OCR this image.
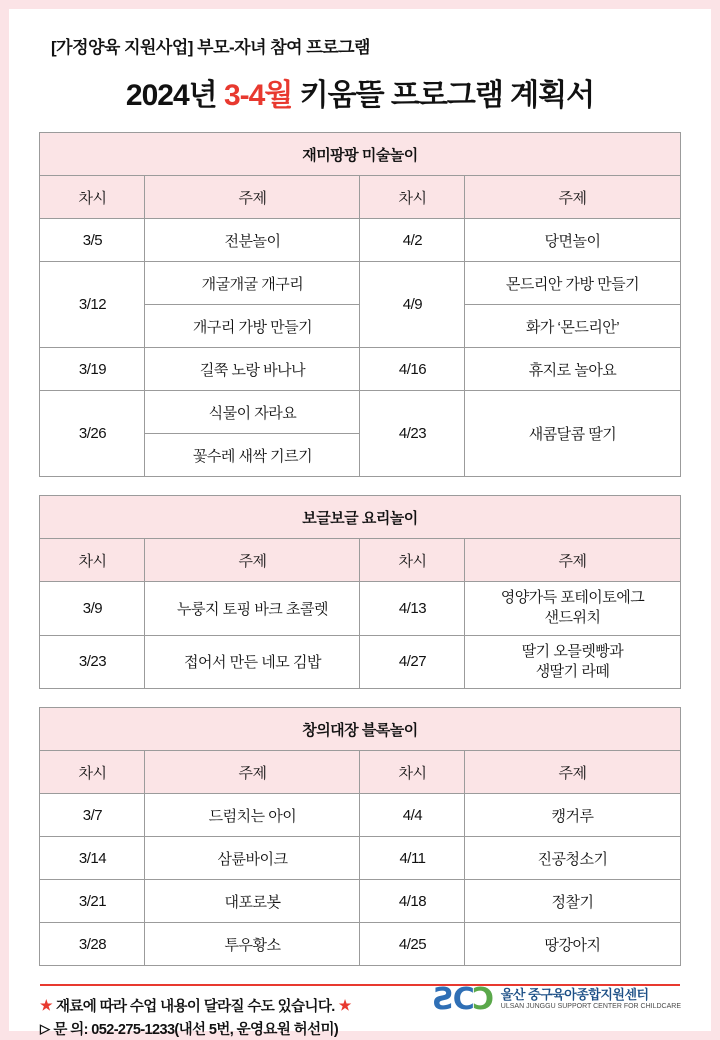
[가정양육 지원사업] 부모-자녀 참여 프로그램
2024년 3-4월 키움뜰 프로그램 계획서
재미팡팡 미술놀이			
차시	주제	차시	주제
3/5	전분놀이	4/2	당면놀이
3/12	개굴개굴 개구리	4/9	몬드리안 가방 만들기
	개구리 가방 만들기		화가 ‘몬드리안’
3/19	길쭉 노랑 바나나	4/16	휴지로 놀아요
3/26	식물이 자라요	4/23	새콤달콤 딸기
	꽃수레 새싹 기르기		
보글보글 요리놀이			
차시	주제	차시	주제
3/9	누룽지 토핑 바크 초콜렛	4/13	영양가득 포테이토에그
샌드위치
3/23	접어서 만든 네모 김밥	4/27	딸기 오믈렛빵과
생딸기 라떼
창의대장 블록놀이			
차시	주제	차시	주제
3/7	드럼치는 아이	4/4	캥거루
3/14	삼륜바이크	4/11	진공청소기
3/21	대포로봇	4/18	정찰기
3/28	투우황소	4/25	땅강아지
★ 재료에 따라 수업 내용이 달라질 수도 있습니다. ★
▷ 문 의: 052-275-1233(내선 5번, 운영요원 허선미)
ƧCϽ 울산 중구육아종합지원센터
ULSAN JUNGGU SUPPORT CENTER FOR CHILDCARE
